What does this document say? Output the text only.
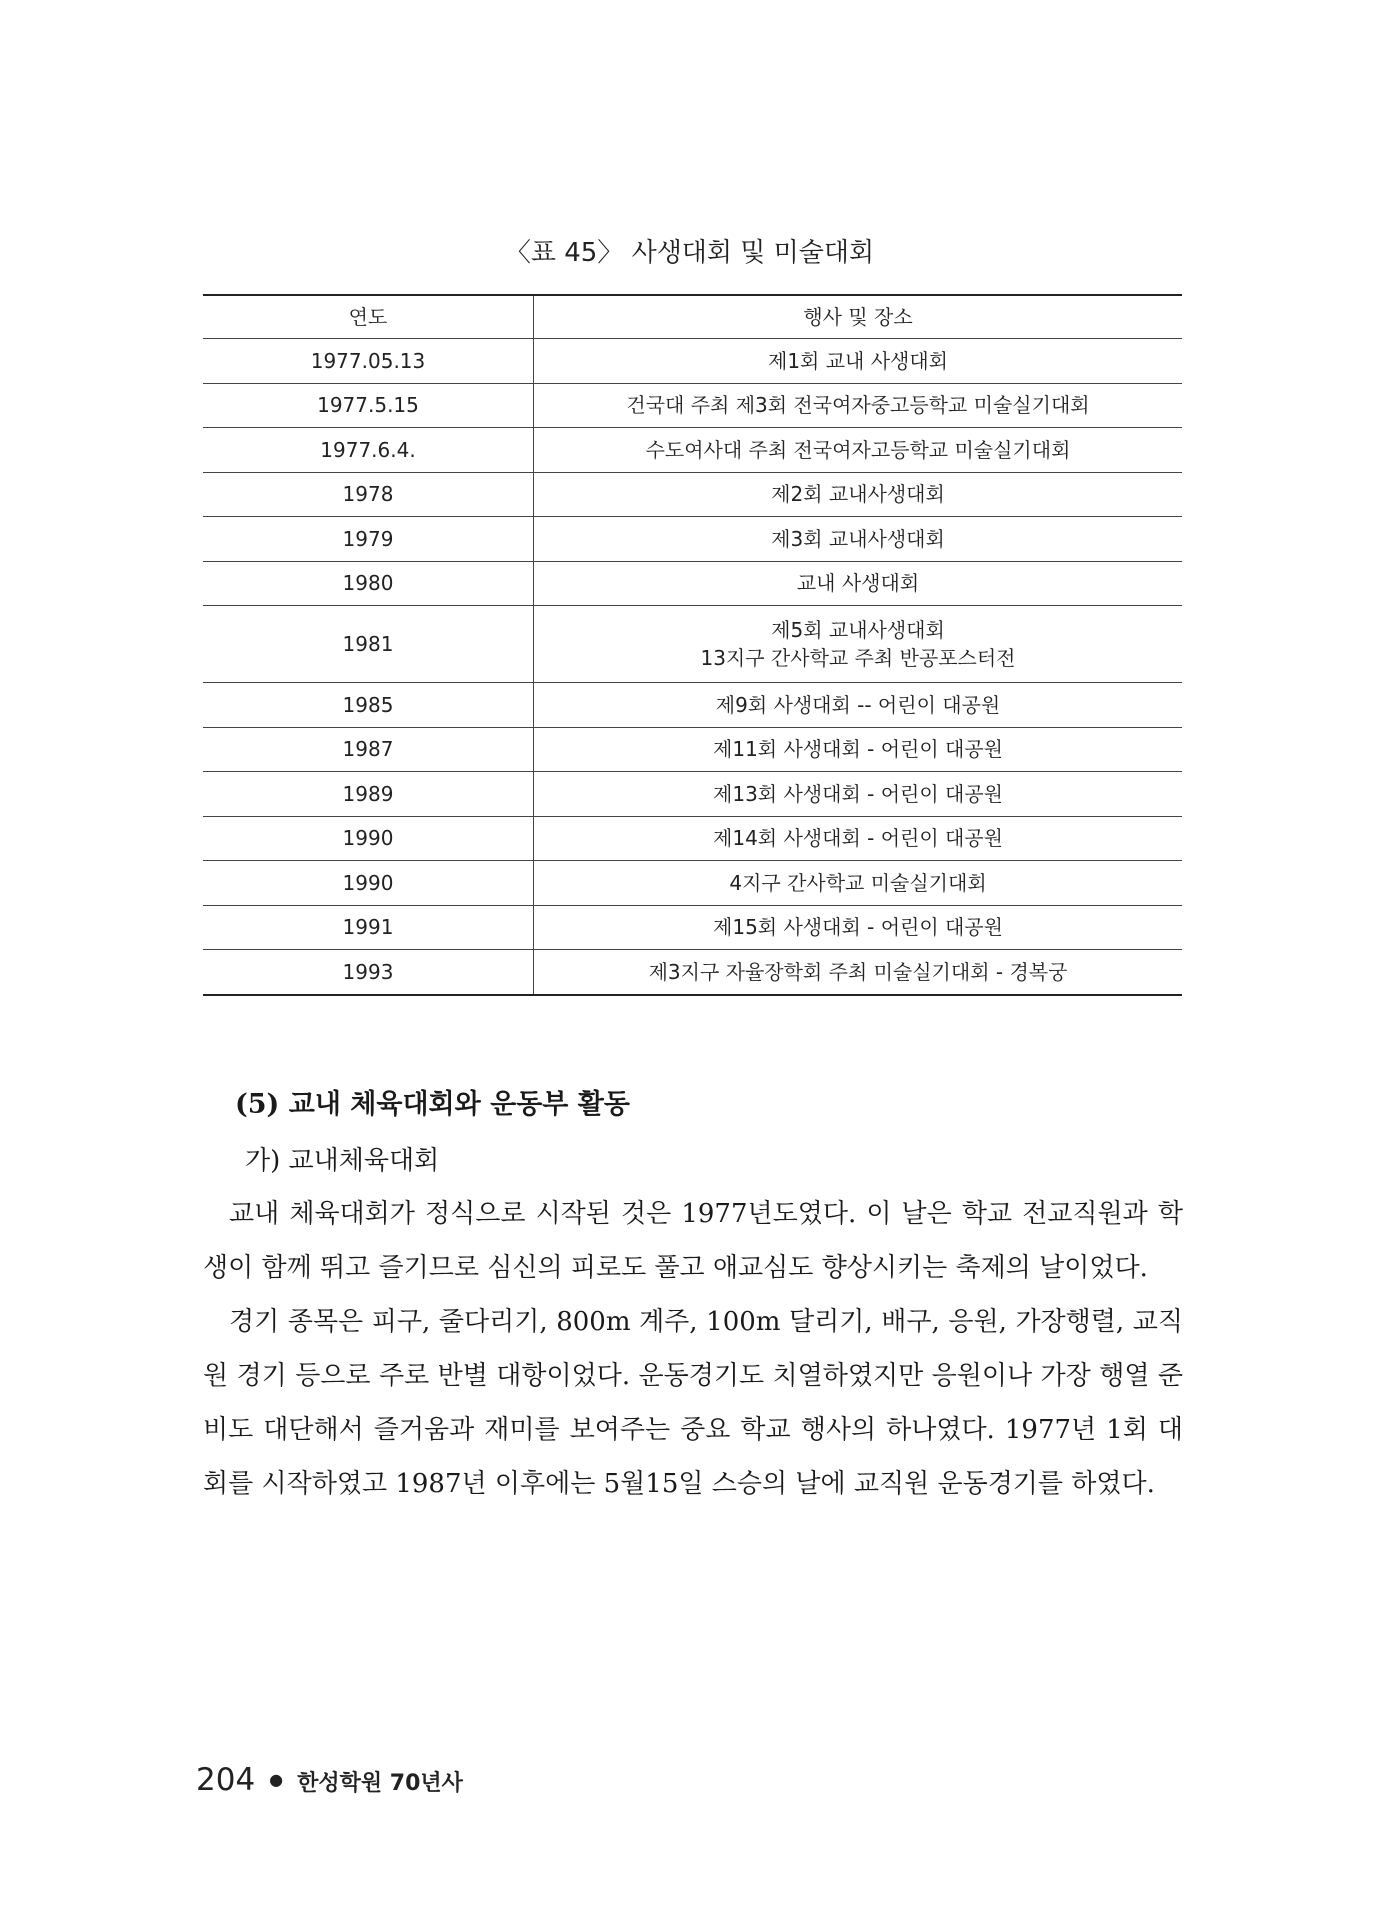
〈표 45〉 사생대회 및 미술대회
연도	행사 및 장소
1977.05.13	제1회 교내 사생대회
1977.5.15	건국대 주최 제3회 전국여자중고등학교 미술실기대회
1977.6.4.	수도여사대 주최 전국여자고등학교 미술실기대회
1978	제2회 교내사생대회
1979	제3회 교내사생대회
1980	교내 사생대회
1981	제5회 교내사생대회
13지구 간사학교 주최 반공포스터전

1985	제9회 사생대회 -- 어린이 대공원
1987	제11회 사생대회 - 어린이 대공원
1989	제13회 사생대회 - 어린이 대공원
1990	제14회 사생대회 - 어린이 대공원
1990	4지구 간사학교 미술실기대회
1991	제15회 사생대회 - 어린이 대공원
1993	제3지구 자율장학회 주최 미술실기대회 - 경복궁
(5) 교내 체육대회와 운동부 활동
가) 교내체육대회

교내 체육대회가 정식으로 시작된 것은 1977년도였다. 이 날은 학교 전교직원과 학생이 함께 뛰고 즐기므로 심신의 피로도 풀고 애교심도 향상시키는 축제의 날이었다.

경기 종목은 피구, 줄다리기, 800m 계주, 100m 달리기, 배구, 응원, 가장행렬, 교직원 경기 등으로 주로 반별 대항이었다. 운동경기도 치열하였지만 응원이나 가장 행열 준비도 대단해서 즐거움과 재미를 보여주는 중요 학교 행사의 하나였다. 1977년 1회 대회를 시작하였고 1987년 이후에는 5월15일 스승의 날에 교직원 운동경기를 하였다.

204 ● 한성학원 70년사
